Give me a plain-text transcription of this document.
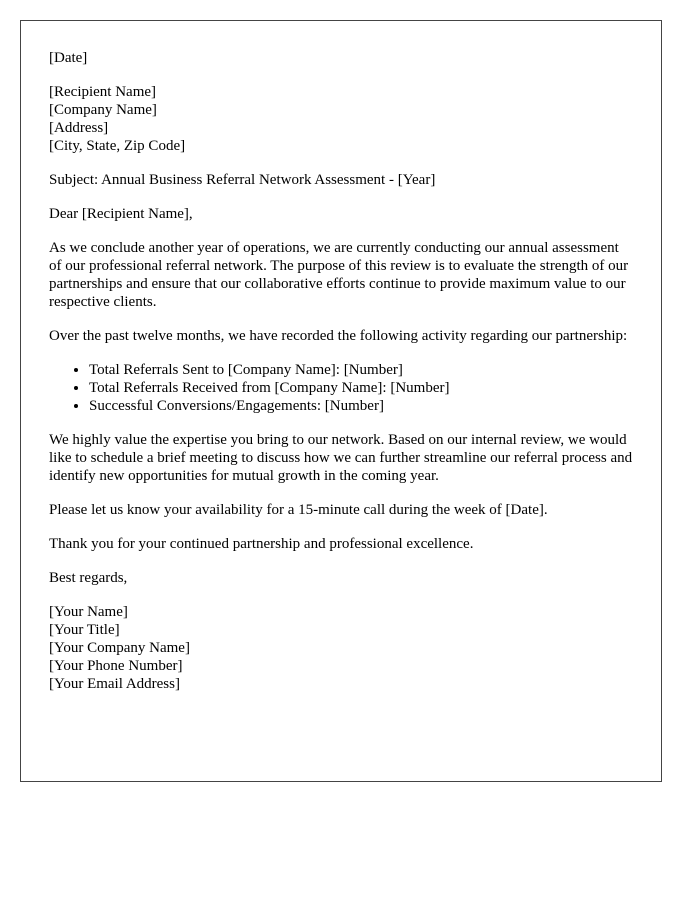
[Date]

[Recipient Name]
[Company Name]
[Address]
[City, State, Zip Code]

Subject: Annual Business Referral Network Assessment - [Year]

Dear [Recipient Name],

As we conclude another year of operations, we are currently conducting our annual assessment of our professional referral network. The purpose of this review is to evaluate the strength of our partnerships and ensure that our collaborative efforts continue to provide maximum value to our respective clients.

Over the past twelve months, we have recorded the following activity regarding our partnership:

• Total Referrals Sent to [Company Name]: [Number]
• Total Referrals Received from [Company Name]: [Number]
• Successful Conversions/Engagements: [Number]

We highly value the expertise you bring to our network. Based on our internal review, we would like to schedule a brief meeting to discuss how we can further streamline our referral process and identify new opportunities for mutual growth in the coming year.

Please let us know your availability for a 15-minute call during the week of [Date].

Thank you for your continued partnership and professional excellence.

Best regards,

[Your Name]
[Your Title]
[Your Company Name]
[Your Phone Number]
[Your Email Address]
